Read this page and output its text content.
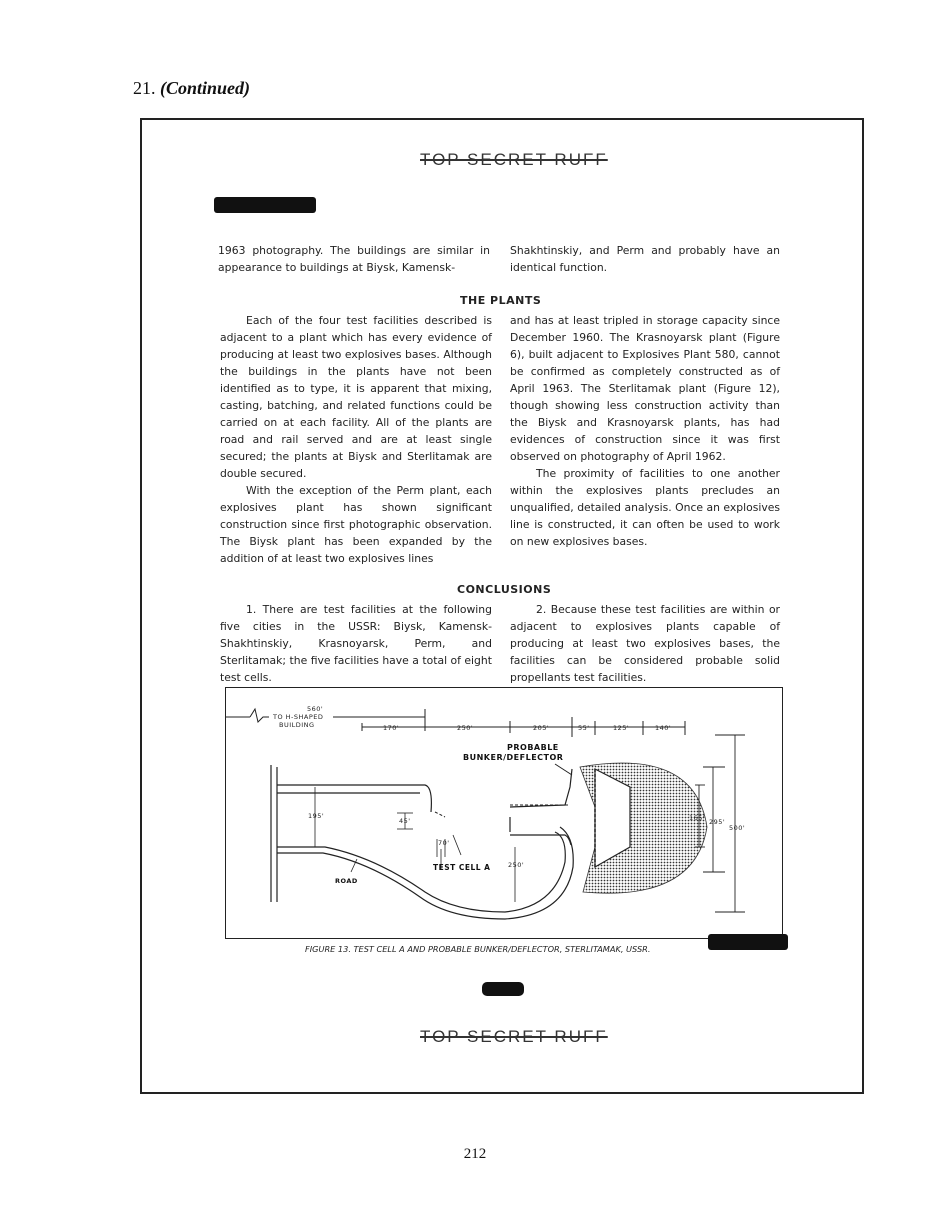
21. (Continued)
TOP SECRET RUFF

1963 photography. The buildings are similar in appearance to buildings at Biysk, Kamensk-

Shakhtinskiy, and Perm and probably have an identical function.

THE PLANTS

Each of the four test facilities described is adjacent to a plant which has every evidence of producing at least two explosives bases. Although the buildings in the plants have not been identified as to type, it is apparent that mixing, casting, batching, and related functions could be carried on at each facility. All of the plants are road and rail served and are at least single secured; the plants at Biysk and Sterlitamak are double secured.

With the exception of the Perm plant, each explosives plant has shown significant construction since first photographic observation. The Biysk plant has been expanded by the addition of at least two explosives lines

and has at least tripled in storage capacity since December 1960. The Krasnoyarsk plant (Figure 6), built adjacent to Explosives Plant 580, cannot be confirmed as completely constructed as of April 1963. The Sterlitamak plant (Figure 12), though showing less construction activity than the Biysk and Krasnoyarsk plants, has had evidences of construction since it was first observed on photography of April 1962.

The proximity of facilities to one another within the explosives plants precludes an unqualified, detailed analysis. Once an explosives line is constructed, it can often be used to work on new explosives bases.

CONCLUSIONS

1. There are test facilities at the following five cities in the USSR: Biysk, Kamensk-Shakhtinskiy, Krasnoyarsk, Perm, and Sterlitamak; the five facilities have a total of eight test cells.

2. Because these test facilities are within or adjacent to explosives plants capable of producing at least two explosives bases, the facilities can be considered probable solid propellants test facilities.

560'
TO H-SHAPED
BUILDING	170'	250'	205'	55'	125'	140'
PROBABLE
BUNKER/DEFLECTOR
195'
45'
70'
TEST CELL A	250'
ROAD
165' 295'
500'
FIGURE 13. TEST CELL A AND PROBABLE BUNKER/DEFLECTOR, STERLITAMAK, USSR.
TOP SECRET RUFF
212
